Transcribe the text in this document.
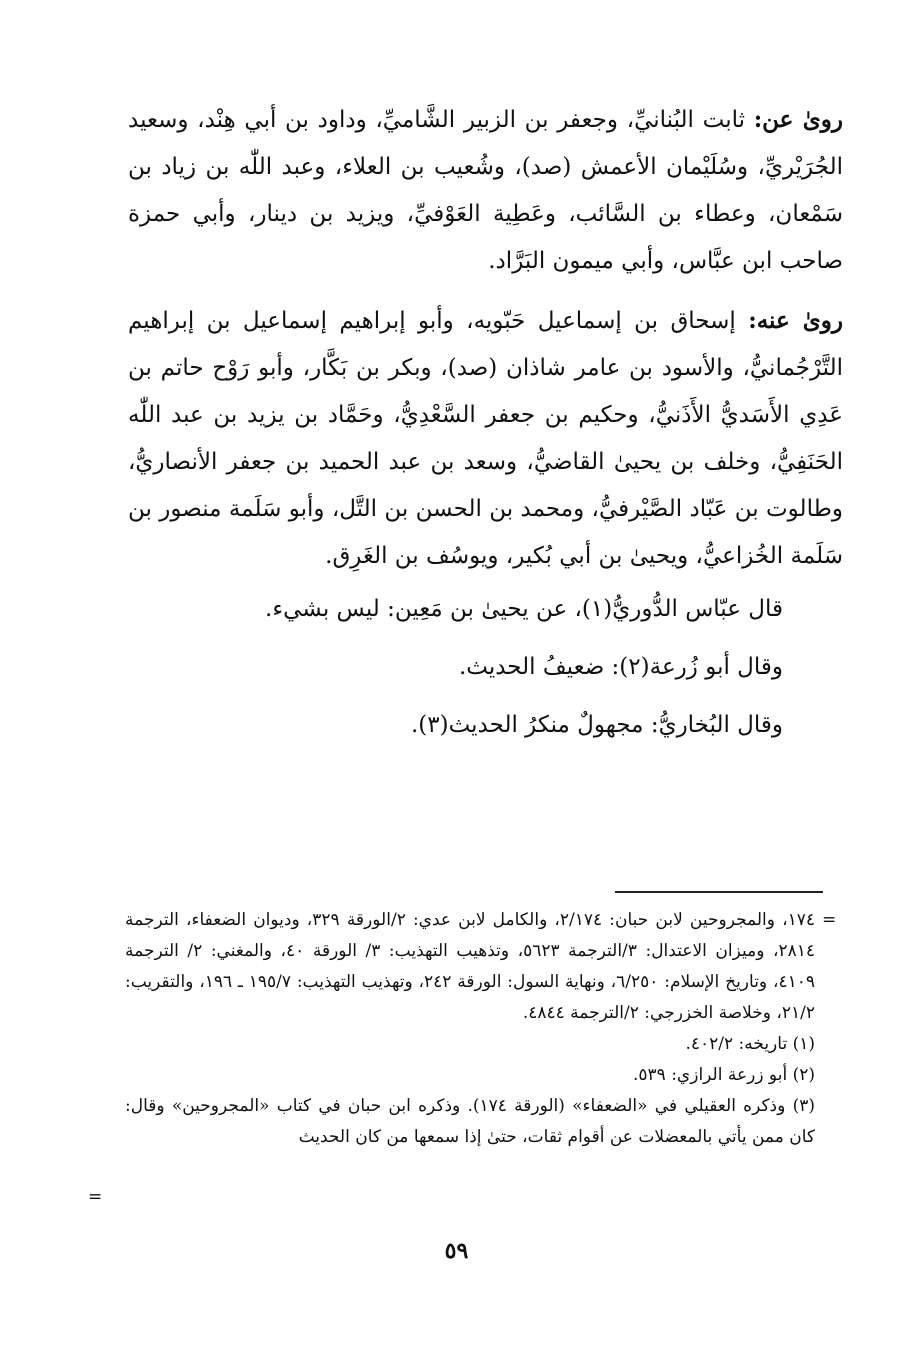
روىٰ عن: ثابت البُنانيِّ، وجعفر بن الزبير الشَّاميِّ، وداود بن أبي هِنْد، وسعيد الجُرَيْريِّ، وسُلَيْمان الأعمش (صد)، وشُعيب بن العلاء، وعبد اللّٰه بن زياد بن سَمْعان، وعطاء بن السَّائب، وعَطِية العَوْفيِّ، ويزيد بن دينار، وأبي حمزة صاحب ابن عبَّاس، وأبي ميمون البَرَّاد.

روىٰ عنه: إسحاق بن إسماعيل حَبّويه، وأبو إبراهيم إسماعيل بن إبراهيم التَّرْجُمانيُّ، والأسود بن عامر شاذان (صد)، وبكر بن بَكَّار، وأبو رَوْح حاتم بن عَدِي الأَسَديُّ الأَذَنيُّ، وحكيم بن جعفر السَّعْدِيُّ، وحَمَّاد بن يزيد بن عبد اللّٰه الحَنَفِيُّ، وخلف بن يحيىٰ القاضيُّ، وسعد بن عبد الحميد بن جعفر الأنصاريُّ، وطالوت بن عَبّاد الصَّيْرفيُّ، ومحمد بن الحسن بن التَّل، وأبو سَلَمة منصور بن سَلَمة الخُزاعيُّ، ويحيىٰ بن أبي بُكير، ويوسُف بن الغَرِق.

قال عبّاس الدُّوريُّ(١)، عن يحيىٰ بن مَعِين: ليس بشيء.

وقال أبو زُرعة(٢): ضعيفُ الحديث.

وقال البُخاريُّ: مجهولٌ منكرُ الحديث(٣).

=

١٧٤، والمجروحين لابن حبان: ٢/١٧٤، والكامل لابن عدي: ٢/الورقة ٣٢٩، وديوان الضعفاء، الترجمة ٢٨١٤، وميزان الاعتدال: ٣/الترجمة ٥٦٢٣، وتذهيب التهذيب: ٣/ الورقة ٤٠، والمغني: ٢/ الترجمة ٤١٠٩، وتاريخ الإسلام: ٦/٢٥٠، ونهاية السول: الورقة ٢٤٢، وتهذيب التهذيب: ١٩٥/٧ ـ ١٩٦، والتقريب: ٢١/٢، وخلاصة الخزرجي: ٢/الترجمة ٤٨٤٤.

(١) تاريخه: ٤٠٢/٢.

(٢) أبو زرعة الرازي: ٥٣٩.

(٣) وذكره العقيلي في «الضعفاء» (الورقة ١٧٤). وذكره ابن حبان في كتاب «المجروحين» وقال: كان ممن يأتي بالمعضلات عن أقوام ثقات، حتىٰ إذا سمعها من كان الحديث

=
٥٩
